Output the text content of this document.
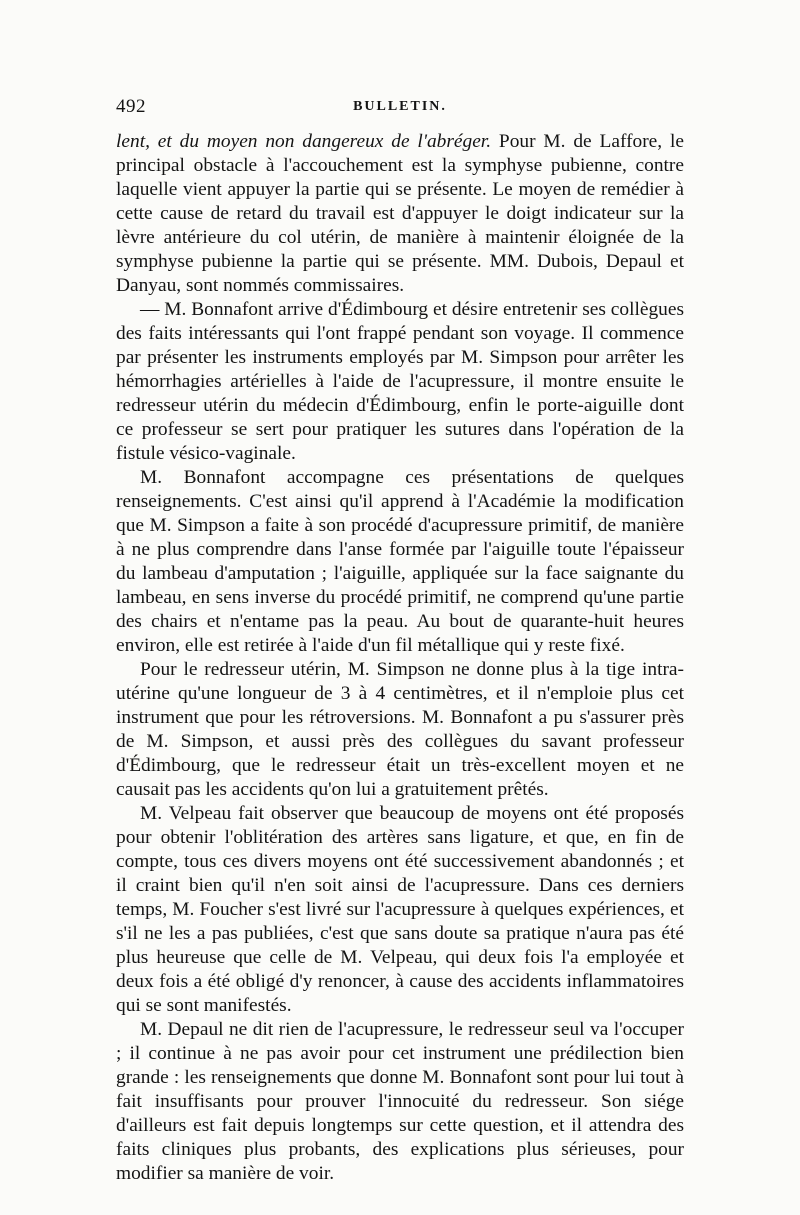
492	BULLETIN.

lent, et du moyen non dangereux de l'abréger. Pour M. de Laffore, le principal obstacle à l'accouchement est la symphyse pubienne, contre laquelle vient appuyer la partie qui se présente. Le moyen de remédier à cette cause de retard du travail est d'appuyer le doigt indicateur sur la lèvre antérieure du col utérin, de manière à maintenir éloignée de la symphyse pubienne la partie qui se présente. MM. Dubois, Depaul et Danyau, sont nommés commissaires.

— M. Bonnafont arrive d'Édimbourg et désire entretenir ses collègues des faits intéressants qui l'ont frappé pendant son voyage. Il commence par présenter les instruments employés par M. Simpson pour arrêter les hémorrhagies artérielles à l'aide de l'acupressure, il montre ensuite le redresseur utérin du médecin d'Édimbourg, enfin le porte-aiguille dont ce professeur se sert pour pratiquer les sutures dans l'opération de la fistule vésico-vaginale.

M. Bonnafont accompagne ces présentations de quelques renseignements. C'est ainsi qu'il apprend à l'Académie la modification que M. Simpson a faite à son procédé d'acupressure primitif, de manière à ne plus comprendre dans l'anse formée par l'aiguille toute l'épaisseur du lambeau d'amputation ; l'aiguille, appliquée sur la face saignante du lambeau, en sens inverse du procédé primitif, ne comprend qu'une partie des chairs et n'entame pas la peau. Au bout de quarante-huit heures environ, elle est retirée à l'aide d'un fil métallique qui y reste fixé.

Pour le redresseur utérin, M. Simpson ne donne plus à la tige intra-utérine qu'une longueur de 3 à 4 centimètres, et il n'emploie plus cet instrument que pour les rétroversions. M. Bonnafont a pu s'assurer près de M. Simpson, et aussi près des collègues du savant professeur d'Édimbourg, que le redresseur était un très-excellent moyen et ne causait pas les accidents qu'on lui a gratuitement prêtés.

M. Velpeau fait observer que beaucoup de moyens ont été proposés pour obtenir l'oblitération des artères sans ligature, et que, en fin de compte, tous ces divers moyens ont été successivement abandonnés ; et il craint bien qu'il n'en soit ainsi de l'acupressure. Dans ces derniers temps, M. Foucher s'est livré sur l'acupressure à quelques expériences, et s'il ne les a pas publiées, c'est que sans doute sa pratique n'aura pas été plus heureuse que celle de M. Velpeau, qui deux fois l'a employée et deux fois a été obligé d'y renoncer, à cause des accidents inflammatoires qui se sont manifestés.

M. Depaul ne dit rien de l'acupressure, le redresseur seul va l'occuper ; il continue à ne pas avoir pour cet instrument une prédilection bien grande : les renseignements que donne M. Bonnafont sont pour lui tout à fait insuffisants pour prouver l'innocuité du redresseur. Son siége d'ailleurs est fait depuis longtemps sur cette question, et il attendra des faits cliniques plus probants, des explications plus sérieuses, pour modifier sa manière de voir.
